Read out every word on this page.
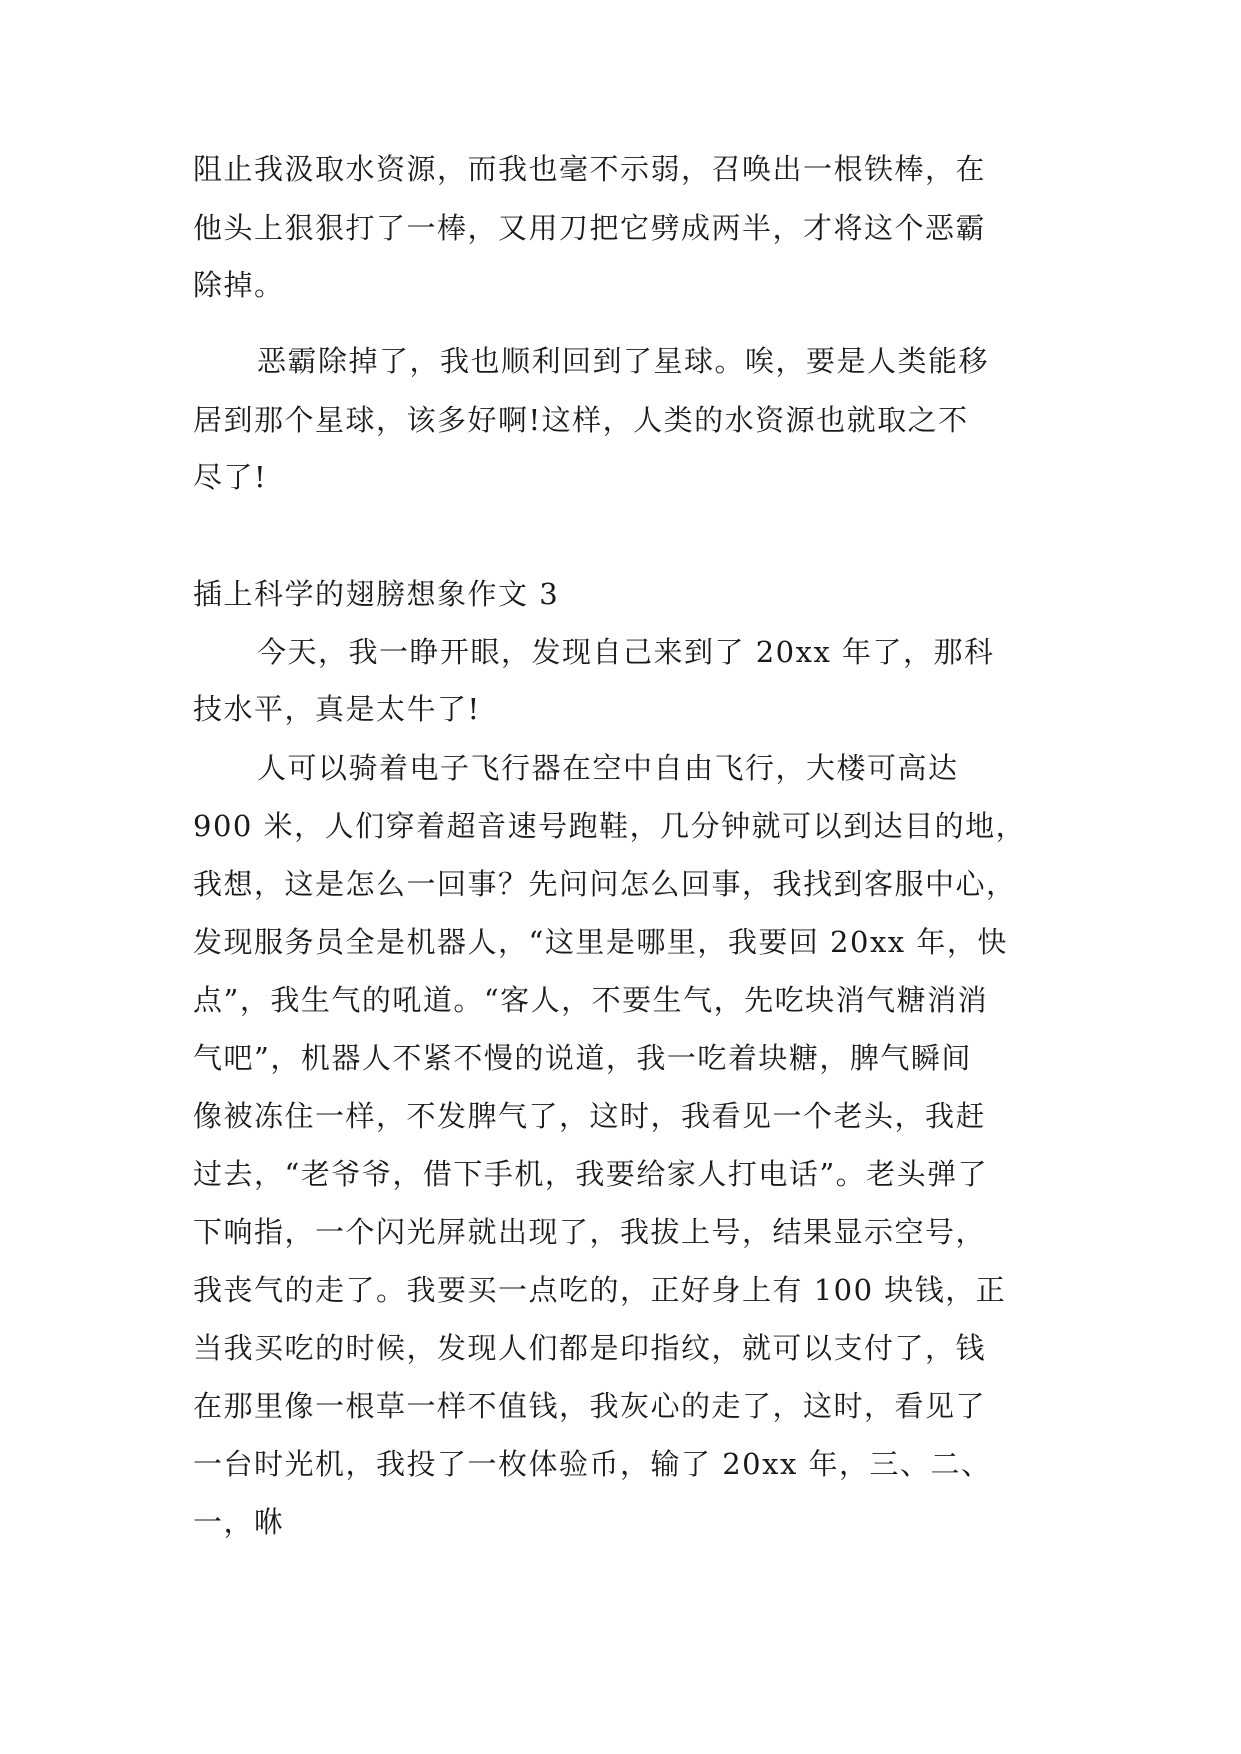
阻止我汲取水资源，而我也毫不示弱，召唤出一根铁棒，在
他头上狠狠打了一棒，又用刀把它劈成两半，才将这个恶霸
除掉。
恶霸除掉了，我也顺利回到了星球。唉，要是人类能移
居到那个星球，该多好啊!这样，人类的水资源也就取之不
尽了!
插上科学的翅膀想象作文 3
今天，我一睁开眼，发现自己来到了 20xx 年了，那科
技水平，真是太牛了!
人可以骑着电子飞行器在空中自由飞行，大楼可高达
900 米，人们穿着超音速号跑鞋，几分钟就可以到达目的地，
我想，这是怎么一回事？先问问怎么回事，我找到客服中心，
发现服务员全是机器人，“这里是哪里，我要回 20xx 年，快
点”，我生气的吼道。“客人，不要生气，先吃块消气糖消消
气吧”，机器人不紧不慢的说道，我一吃着块糖，脾气瞬间
像被冻住一样，不发脾气了，这时，我看见一个老头，我赶
过去，“老爷爷，借下手机，我要给家人打电话”。老头弹了
下响指，一个闪光屏就出现了，我拔上号，结果显示空号，
我丧气的走了。我要买一点吃的，正好身上有 100 块钱，正
当我买吃的时候，发现人们都是印指纹，就可以支付了，钱
在那里像一根草一样不值钱，我灰心的走了，这时，看见了
一台时光机，我投了一枚体验币，输了 20xx 年，三、二、
一，咻
